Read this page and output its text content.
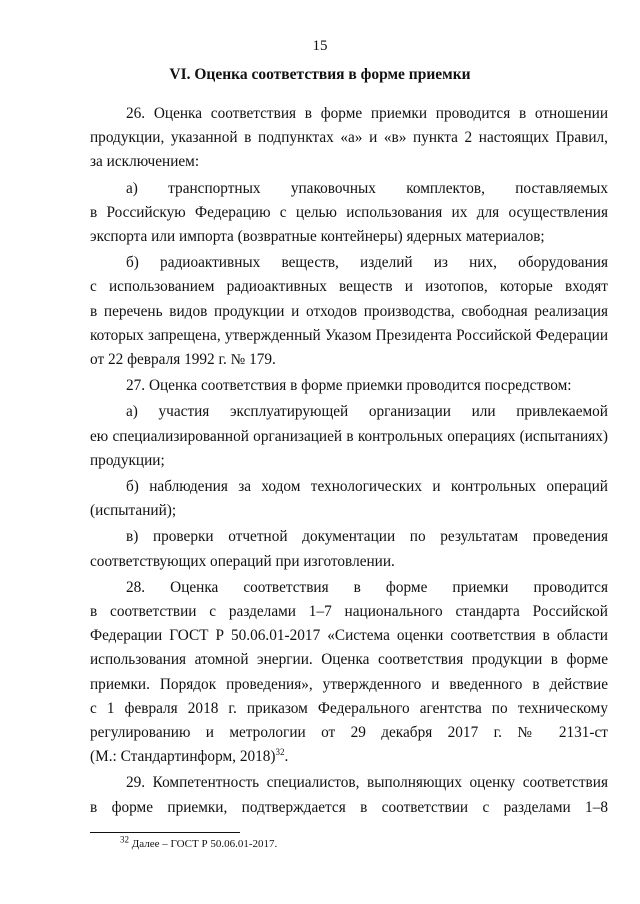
15
VI. Оценка соответствия в форме приемки

26. Оценка соответствия в форме приемки проводится в отношении
продукции, указанной в подпунктах «а» и «в» пункта 2 настоящих Правил,
за исключением:

а) транспортных упаковочных комплектов, поставляемых
в Российскую Федерацию с целью использования их для осуществления
экспорта или импорта (возвратные контейнеры) ядерных материалов;

б) радиоактивных веществ, изделий из них, оборудования
с использованием радиоактивных веществ и изотопов, которые входят
в перечень видов продукции и отходов производства, свободная реализация
которых запрещена, утвержденный Указом Президента Российской Федерации
от 22 февраля 1992 г. № 179.

27. Оценка соответствия в форме приемки проводится посредством:

а) участия эксплуатирующей организации или привлекаемой
ею специализированной организацией в контрольных операциях (испытаниях)
продукции;

б) наблюдения за ходом технологических и контрольных операций
(испытаний);

в) проверки отчетной документации по результатам проведения
соответствующих операций при изготовлении.

28. Оценка соответствия в форме приемки проводится
в соответствии с разделами 1–7 национального стандарта Российской
Федерации ГОСТ Р 50.06.01-2017 «Система оценки соответствия в области
использования атомной энергии. Оценка соответствия продукции в форме
приемки. Порядок проведения», утвержденного и введенного в действие
с 1 февраля 2018 г. приказом Федерального агентства по техническому
регулированию и метрологии от 29 декабря 2017 г. № 2131-ст
(М.: Стандартинформ, 2018)$^{32}$.

29. Компетентность специалистов, выполняющих оценку соответствия
в форме приемки, подтверждается в соответствии с разделами 1–8

$^{32}$ Далее – ГОСТ Р 50.06.01-2017.
